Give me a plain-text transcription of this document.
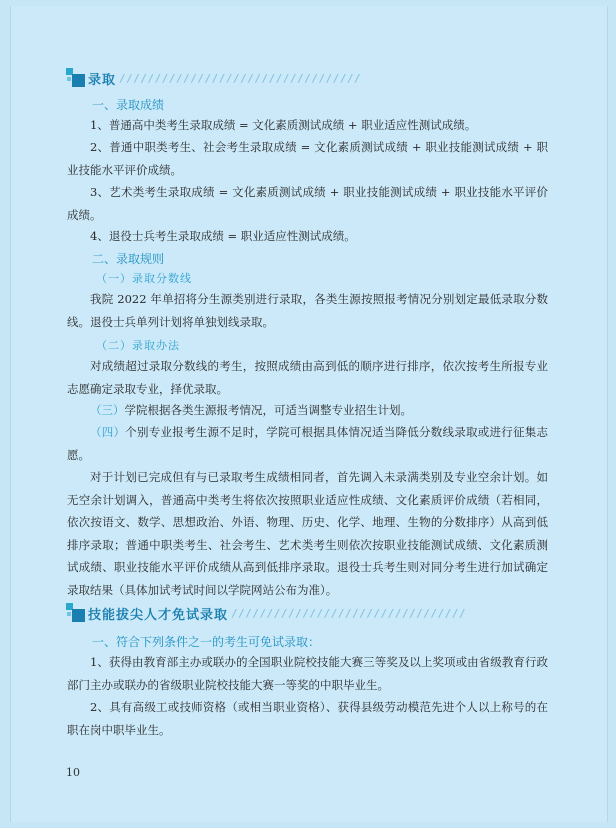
录取 //////////////////////////////////
一、录取成绩

1、普通高中类考生录取成绩 = 文化素质测试成绩 + 职业适应性测试成绩。

2、普通中职类考生、社会考生录取成绩 = 文化素质测试成绩 + 职业技能测试成绩 + 职业技能水平评价成绩。

3、艺术类考生录取成绩 = 文化素质测试成绩 + 职业技能测试成绩 + 职业技能水平评价成绩。

4、退役士兵考生录取成绩 = 职业适应性测试成绩。

二、录取规则
（一）录取分数线

我院 2022 年单招将分生源类别进行录取，各类生源按照报考情况分别划定最低录取分数线。退役士兵单列计划将单独划线录取。

（二）录取办法

对成绩超过录取分数线的考生，按照成绩由高到低的顺序进行排序，依次按考生所报专业志愿确定录取专业，择优录取。

（三）学院根据各类生源报考情况，可适当调整专业招生计划。

（四）个别专业报考生源不足时，学院可根据具体情况适当降低分数线录取或进行征集志愿。

对于计划已完成但有与已录取考生成绩相同者，首先调入未录满类别及专业空余计划。如无空余计划调入，普通高中类考生将依次按照职业适应性成绩、文化素质评价成绩（若相同，依次按语文、数学、思想政治、外语、物理、历史、化学、地理、生物的分数排序）从高到低排序录取；普通中职类考生、社会考生、艺术类考生则依次按职业技能测试成绩、文化素质测试成绩、职业技能水平评价成绩从高到低排序录取。退役士兵考生则对同分考生进行加试确定录取结果（具体加试考试时间以学院网站公布为准）。

技能拔尖人才免试录取 /////////////////////////////////
一、符合下列条件之一的考生可免试录取：

1、获得由教育部主办或联办的全国职业院校技能大赛三等奖及以上奖项或由省级教育行政部门主办或联办的省级职业院校技能大赛一等奖的中职毕业生。

2、具有高级工或技师资格（或相当职业资格）、获得县级劳动模范先进个人以上称号的在职在岗中职毕业生。

10
